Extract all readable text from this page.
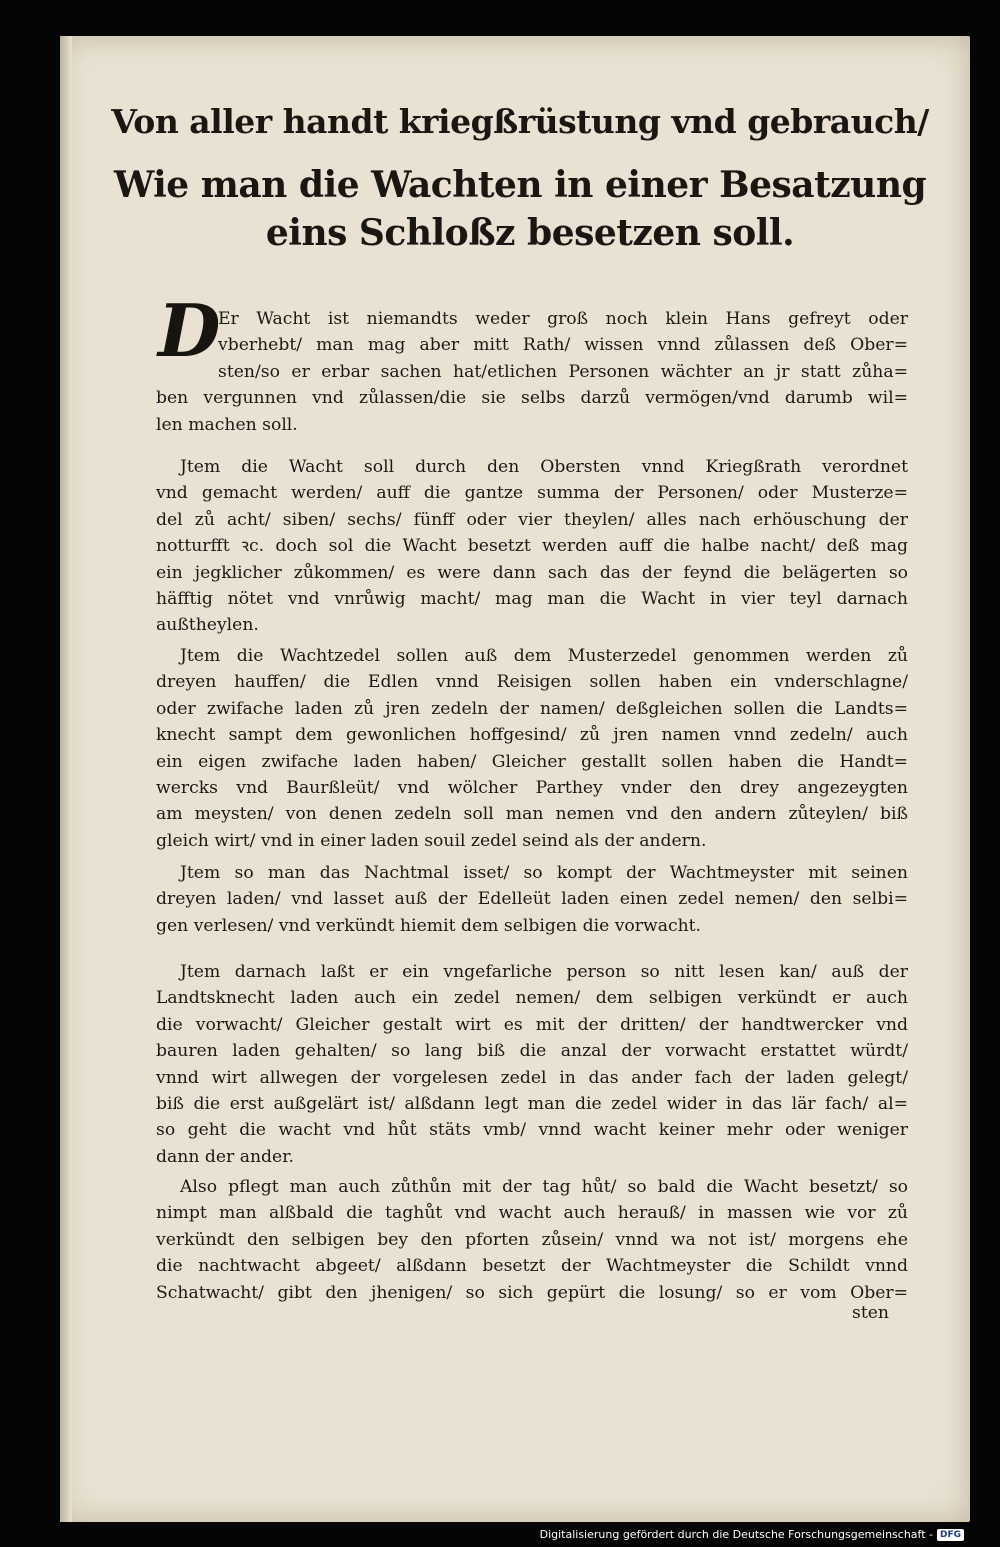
Von aller handt kriegßrüstung vnd gebrauch/
Wie man die Wachten in einer Besatzung
eins Schloßz besetzen soll.
D
Er Wacht ist niemandts weder groß noch klein Hans gefreyt oder
vberhebt/ man mag aber mitt Rath/ wissen vnnd zůlassen deß Ober=
sten/so er erbar sachen hat/etlichen Personen wächter an jr statt zůha=
ben vergunnen vnd zůlassen/die sie selbs darzů vermögen/vnd darumb wil=
len machen soll.
Jtem die Wacht soll durch den Obersten vnnd Kriegßrath verordnet
vnd gemacht werden/ auff die gantze summa der Personen/ oder Musterze=
del zů acht/ siben/ sechs/ fünff oder vier theylen/ alles nach erhöuschung der
notturfft ꝛc. doch sol die Wacht besetzt werden auff die halbe nacht/ deß mag
ein jegklicher zůkommen/ es were dann sach das der feynd die belägerten so
häfftig nötet vnd vnrůwig macht/ mag man die Wacht in vier teyl darnach
außtheylen.
Jtem die Wachtzedel sollen auß dem Musterzedel genommen werden zů
dreyen hauffen/ die Edlen vnnd Reisigen sollen haben ein vnderschlagne/
oder zwifache laden zů jren zedeln der namen/ deßgleichen sollen die Landts=
knecht sampt dem gewonlichen hoffgesind/ zů jren namen vnnd zedeln/ auch
ein eigen zwifache laden haben/ Gleicher gestallt sollen haben die Handt=
wercks vnd Baurßleüt/ vnd wölcher Parthey vnder den drey angezeygten
am meysten/ von denen zedeln soll man nemen vnd den andern zůteylen/ biß
gleich wirt/ vnd in einer laden souil zedel seind als der andern.
Jtem so man das Nachtmal isset/ so kompt der Wachtmeyster mit seinen
dreyen laden/ vnd lasset auß der Edelleüt laden einen zedel nemen/ den selbi=
gen verlesen/ vnd verkündt hiemit dem selbigen die vorwacht.
Jtem darnach laßt er ein vngefarliche person so nitt lesen kan/ auß der
Landtsknecht laden auch ein zedel nemen/ dem selbigen verkündt er auch
die vorwacht/ Gleicher gestalt wirt es mit der dritten/ der handtwercker vnd
bauren laden gehalten/ so lang biß die anzal der vorwacht erstattet würdt/
vnnd wirt allwegen der vorgelesen zedel in das ander fach der laden gelegt/
biß die erst außgelärt ist/ alßdann legt man die zedel wider in das lär fach/ al=
so geht die wacht vnd hůt stäts vmb/ vnnd wacht keiner mehr oder weniger
dann der ander.
Also pflegt man auch zůthůn mit der tag hůt/ so bald die Wacht besetzt/ so
nimpt man alßbald die taghůt vnd wacht auch herauß/ in massen wie vor zů
verkündt den selbigen bey den pforten zůsein/ vnnd wa not ist/ morgens ehe
die nachtwacht abgeet/ alßdann besetzt der Wachtmeyster die Schildt vnnd
Schatwacht/ gibt den jhenigen/ so sich gepürt die losung/ so er vom Ober=
sten
Digitalisierung gefördert durch die Deutsche Forschungsgemeinschaft - DFG
